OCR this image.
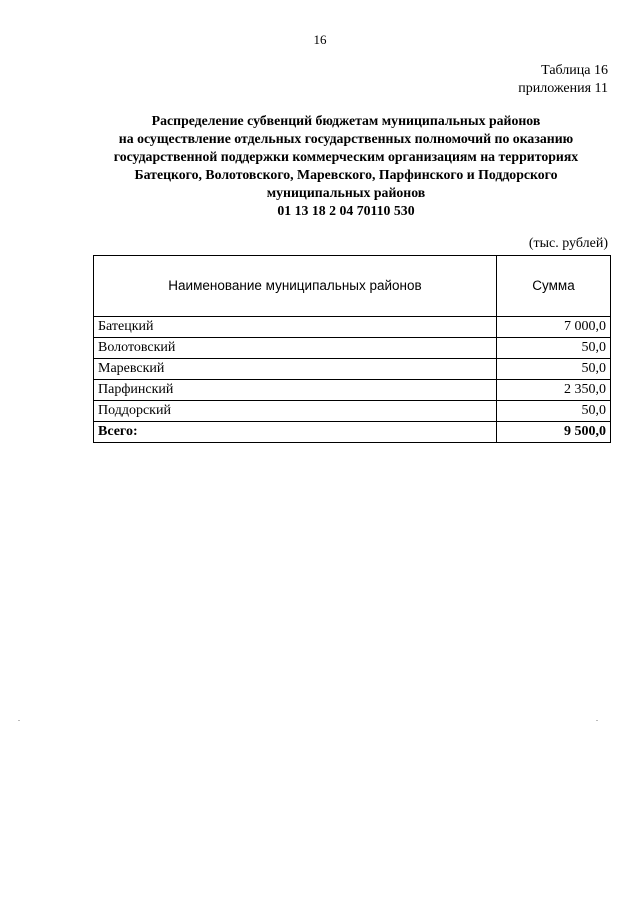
16
Таблица 16
приложения 11
Распределение субвенций бюджетам муниципальных районов
на осуществление отдельных государственных полномочий по оказанию
государственной поддержки коммерческим организациям на территориях
Батецкого, Волотовского, Маревского, Парфинского и Поддорского
муниципальных районов
01 13 18 2 04 70110 530
(тыс. рублей)
Наименование муниципальных районов	Сумма
Батецкий	7 000,0
Волотовский	50,0
Маревский	50,0
Парфинский	2 350,0
Поддорский	50,0
Всего:	9 500,0
